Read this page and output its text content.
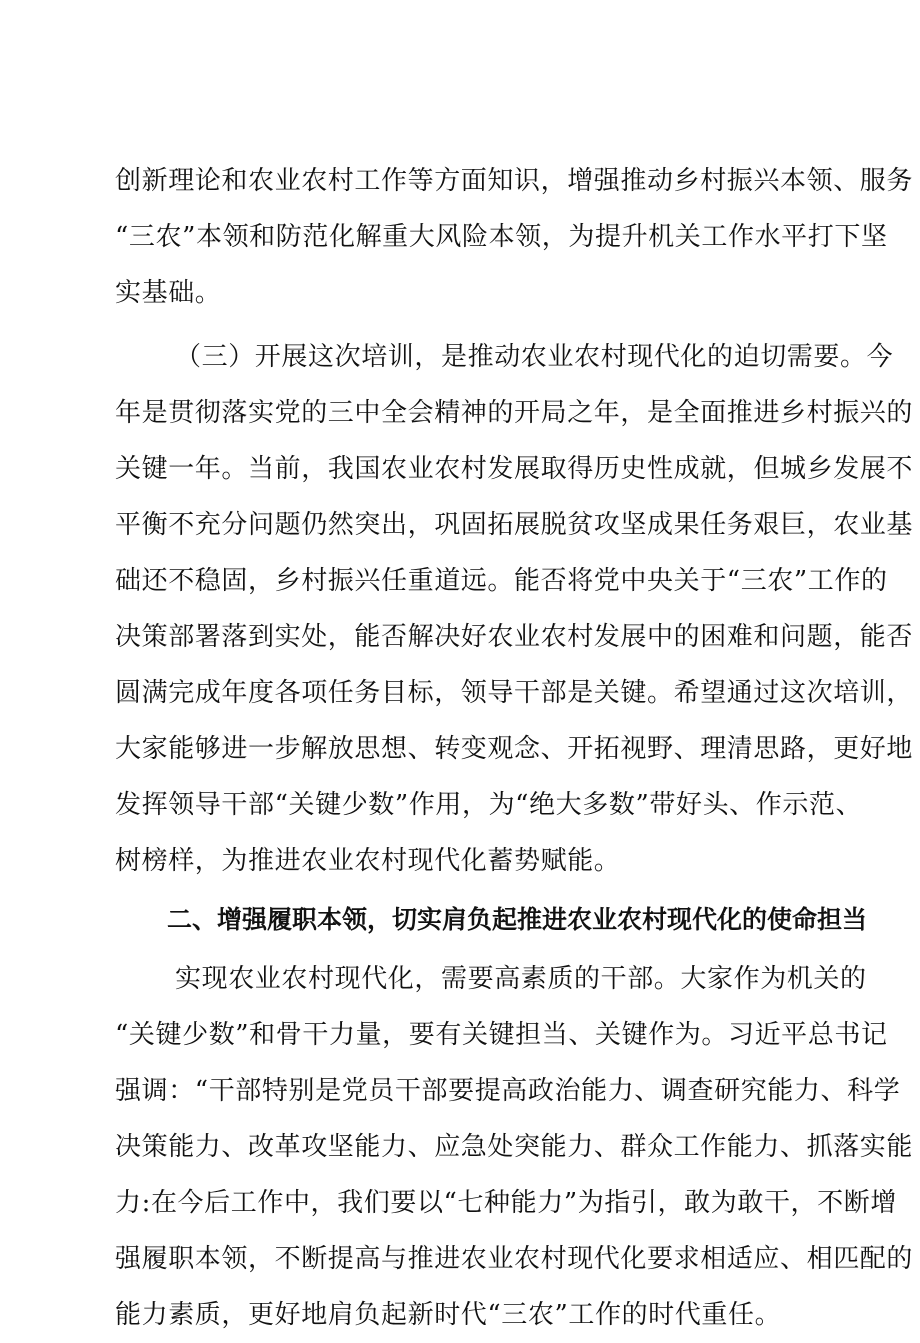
创新理论和农业农村工作等方面知识，增强推动乡村振兴本领、服务
“三农”本领和防范化解重大风险本领，为提升机关工作水平打下坚
实基础。
（三）开展这次培训，是推动农业农村现代化的迫切需要。今
年是贯彻落实党的三中全会精神的开局之年，是全面推进乡村振兴的
关键一年。当前，我国农业农村发展取得历史性成就，但城乡发展不
平衡不充分问题仍然突出，巩固拓展脱贫攻坚成果任务艰巨，农业基
础还不稳固，乡村振兴任重道远。能否将党中央关于“三农”工作的
决策部署落到实处，能否解决好农业农村发展中的困难和问题，能否
圆满完成年度各项任务目标，领导干部是关键。希望通过这次培训，
大家能够进一步解放思想、转变观念、开拓视野、理清思路，更好地
发挥领导干部“关键少数”作用，为“绝大多数”带好头、作示范、
树榜样，为推进农业农村现代化蓄势赋能。
二、增强履职本领，切实肩负起推进农业农村现代化的使命担当
实现农业农村现代化，需要高素质的干部。大家作为机关的
“关键少数”和骨干力量，要有关键担当、关键作为。习近平总书记
强调：“干部特别是党员干部要提高政治能力、调查研究能力、科学
决策能力、改革攻坚能力、应急处突能力、群众工作能力、抓落实能
力:在今后工作中，我们要以“七种能力”为指引，敢为敢干，不断增
强履职本领，不断提高与推进农业农村现代化要求相适应、相匹配的
能力素质，更好地肩负起新时代“三农”工作的时代重任。
